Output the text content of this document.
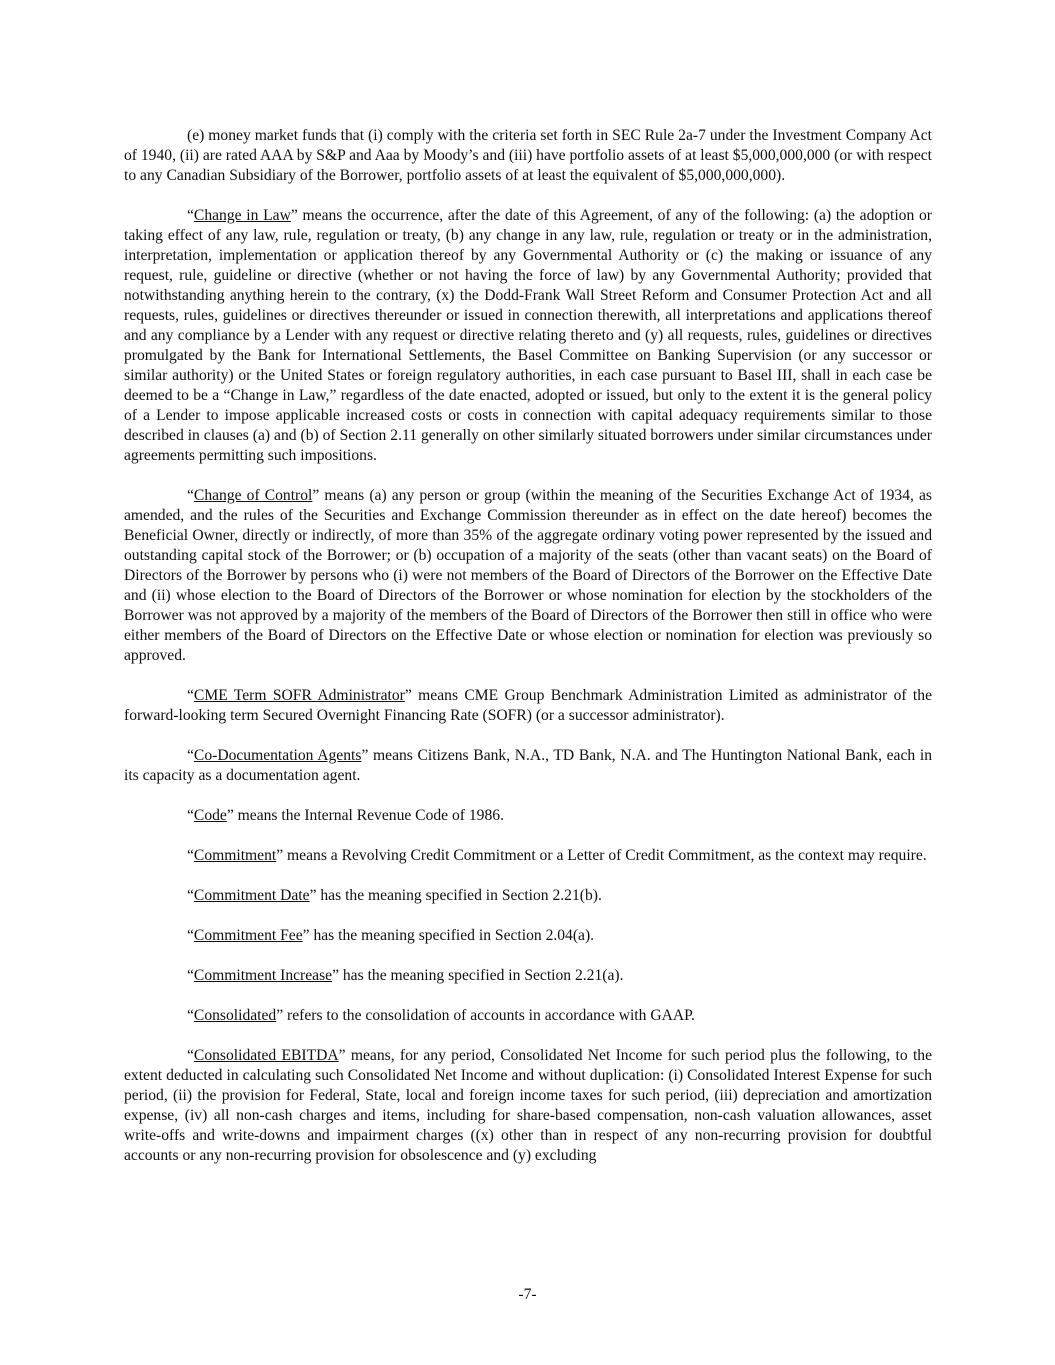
(e) money market funds that (i) comply with the criteria set forth in SEC Rule 2a-7 under the Investment Company Act of 1940, (ii) are rated AAA by S&P and Aaa by Moody’s and (iii) have portfolio assets of at least $5,000,000,000 (or with respect to any Canadian Subsidiary of the Borrower, portfolio assets of at least the equivalent of $5,000,000,000).

“Change in Law” means the occurrence, after the date of this Agreement, of any of the following: (a) the adoption or taking effect of any law, rule, regulation or treaty, (b) any change in any law, rule, regulation or treaty or in the administration, interpretation, implementation or application thereof by any Governmental Authority or (c) the making or issuance of any request, rule, guideline or directive (whether or not having the force of law) by any Governmental Authority; provided that notwithstanding anything herein to the contrary, (x) the Dodd-Frank Wall Street Reform and Consumer Protection Act and all requests, rules, guidelines or directives thereunder or issued in connection therewith, all interpretations and applications thereof and any compliance by a Lender with any request or directive relating thereto and (y) all requests, rules, guidelines or directives promulgated by the Bank for International Settlements, the Basel Committee on Banking Supervision (or any successor or similar authority) or the United States or foreign regulatory authorities, in each case pursuant to Basel III, shall in each case be deemed to be a “Change in Law,” regardless of the date enacted, adopted or issued, but only to the extent it is the general policy of a Lender to impose applicable increased costs or costs in connection with capital adequacy requirements similar to those described in clauses (a) and (b) of Section 2.11 generally on other similarly situated borrowers under similar circumstances under agreements permitting such impositions.

“Change of Control” means (a) any person or group (within the meaning of the Securities Exchange Act of 1934, as amended, and the rules of the Securities and Exchange Commission thereunder as in effect on the date hereof) becomes the Beneficial Owner, directly or indirectly, of more than 35% of the aggregate ordinary voting power represented by the issued and outstanding capital stock of the Borrower; or (b) occupation of a majority of the seats (other than vacant seats) on the Board of Directors of the Borrower by persons who (i) were not members of the Board of Directors of the Borrower on the Effective Date and (ii) whose election to the Board of Directors of the Borrower or whose nomination for election by the stockholders of the Borrower was not approved by a majority of the members of the Board of Directors of the Borrower then still in office who were either members of the Board of Directors on the Effective Date or whose election or nomination for election was previously so approved.

“CME Term SOFR Administrator” means CME Group Benchmark Administration Limited as administrator of the forward-looking term Secured Overnight Financing Rate (SOFR) (or a successor administrator).

“Co-Documentation Agents” means Citizens Bank, N.A., TD Bank, N.A. and The Huntington National Bank, each in its capacity as a documentation agent.

“Code” means the Internal Revenue Code of 1986.

“Commitment” means a Revolving Credit Commitment or a Letter of Credit Commitment, as the context may require.

“Commitment Date” has the meaning specified in Section 2.21(b).

“Commitment Fee” has the meaning specified in Section 2.04(a).

“Commitment Increase” has the meaning specified in Section 2.21(a).

“Consolidated” refers to the consolidation of accounts in accordance with GAAP.

“Consolidated EBITDA” means, for any period, Consolidated Net Income for such period plus the following, to the extent deducted in calculating such Consolidated Net Income and without duplication: (i) Consolidated Interest Expense for such period, (ii) the provision for Federal, State, local and foreign income taxes for such period, (iii) depreciation and amortization expense, (iv) all non-cash charges and items, including for share-based compensation, non-cash valuation allowances, asset write-offs and write-downs and impairment charges ((x) other than in respect of any non-recurring provision for doubtful accounts or any non-recurring provision for obsolescence and (y) excluding

-7-
